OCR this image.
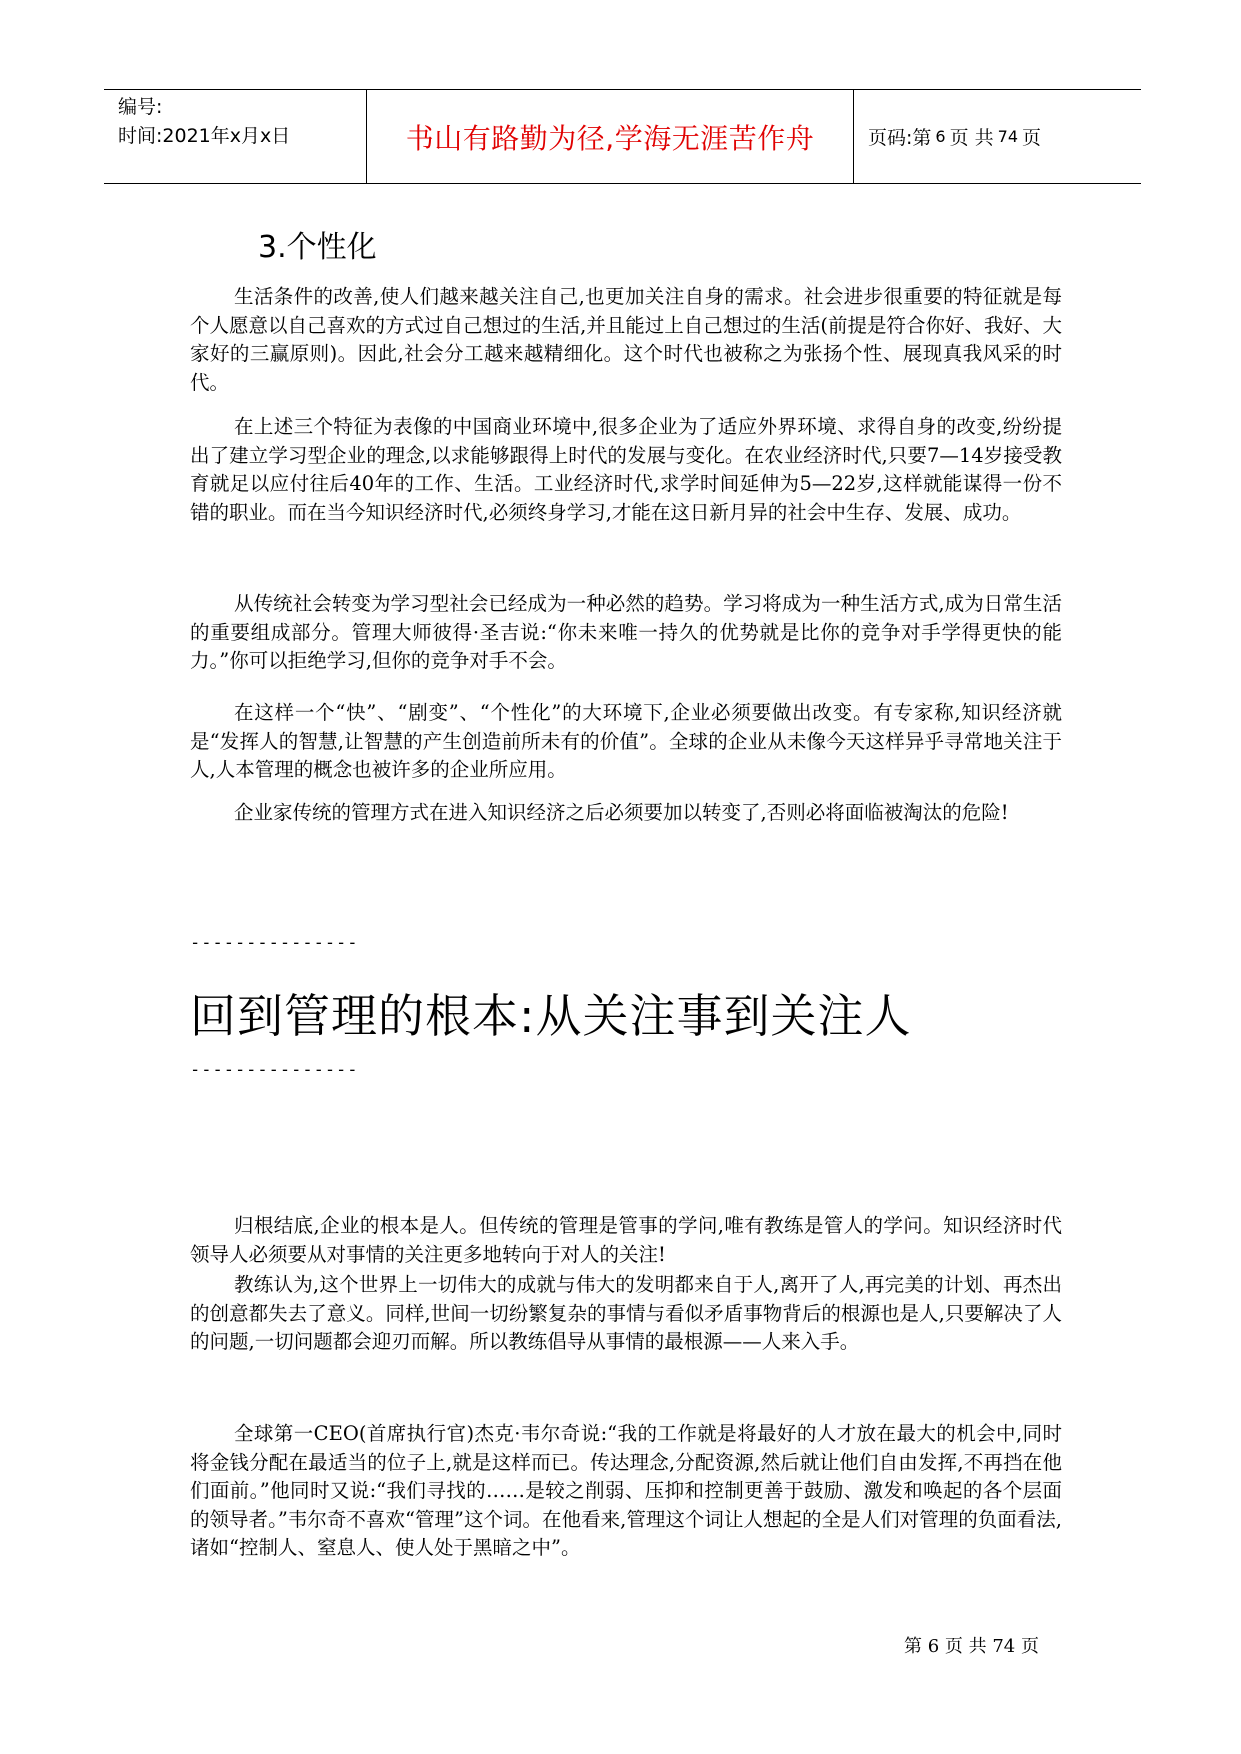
编号:
时间:2021年x月x日	书山有路勤为径,学海无涯苦作舟	页码:第 6 页 共 74 页
3.个性化

生活条件的改善,使人们越来越关注自己,也更加关注自身的需求。社会进步很重要的特征就是每个人愿意以自己喜欢的方式过自己想过的生活,并且能过上自己想过的生活(前提是符合你好、我好、大家好的三赢原则)。因此,社会分工越来越精细化。这个时代也被称之为张扬个性、展现真我风采的时代。

在上述三个特征为表像的中国商业环境中,很多企业为了适应外界环境、求得自身的改变,纷纷提出了建立学习型企业的理念,以求能够跟得上时代的发展与变化。在农业经济时代,只要7—14岁接受教育就足以应付往后40年的工作、生活。工业经济时代,求学时间延伸为5—22岁,这样就能谋得一份不错的职业。而在当今知识经济时代,必须终身学习,才能在这日新月异的社会中生存、发展、成功。

从传统社会转变为学习型社会已经成为一种必然的趋势。学习将成为一种生活方式,成为日常生活的重要组成部分。管理大师彼得·圣吉说:“你未来唯一持久的优势就是比你的竞争对手学得更快的能力。”你可以拒绝学习,但你的竞争对手不会。

在这样一个“快”、“剧变”、“个性化”的大环境下,企业必须要做出改变。有专家称,知识经济就是“发挥人的智慧,让智慧的产生创造前所未有的价值”。全球的企业从未像今天这样异乎寻常地关注于人,人本管理的概念也被许多的企业所应用。

企业家传统的管理方式在进入知识经济之后必须要加以转变了,否则必将面临被淘汰的危险!

---------------
回到管理的根本:从关注事到关注人
---------------

归根结底,企业的根本是人。但传统的管理是管事的学问,唯有教练是管人的学问。知识经济时代领导人必须要从对事情的关注更多地转向于对人的关注!

教练认为,这个世界上一切伟大的成就与伟大的发明都来自于人,离开了人,再完美的计划、再杰出的创意都失去了意义。同样,世间一切纷繁复杂的事情与看似矛盾事物背后的根源也是人,只要解决了人的问题,一切问题都会迎刃而解。所以教练倡导从事情的最根源——人来入手。

全球第一CEO(首席执行官)杰克·韦尔奇说:“我的工作就是将最好的人才放在最大的机会中,同时将金钱分配在最适当的位子上,就是这样而已。传达理念,分配资源,然后就让他们自由发挥,不再挡在他们面前。”他同时又说:“我们寻找的……是较之削弱、压抑和控制更善于鼓励、激发和唤起的各个层面的领导者。”韦尔奇不喜欢“管理”这个词。在他看来,管理这个词让人想起的全是人们对管理的负面看法,诸如“控制人、窒息人、使人处于黑暗之中”。

第 6 页 共 74 页
